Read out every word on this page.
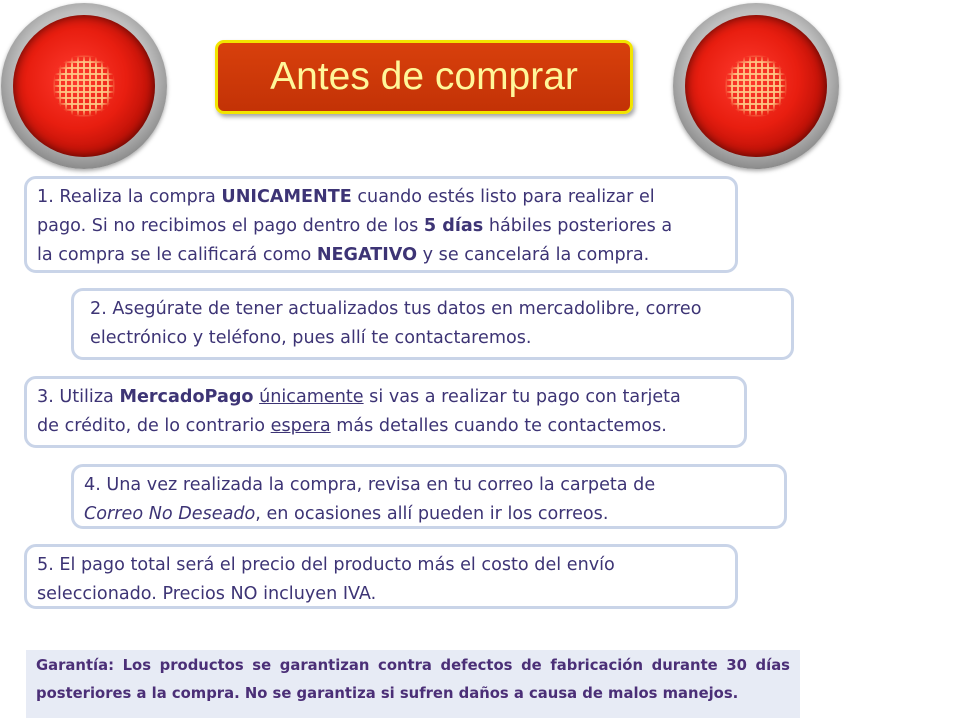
Antes de comprar
1. Realiza la compra UNICAMENTE cuando estés listo para realizar el
pago. Si no recibimos el pago dentro de los 5 días hábiles posteriores a
la compra se le calificará como NEGATIVO y se cancelará la compra.
2. Asegúrate de tener actualizados tus datos en mercadolibre, correo
electrónico y teléfono, pues allí te contactaremos.
3. Utiliza MercadoPago únicamente si vas a realizar tu pago con tarjeta
de crédito, de lo contrario espera más detalles cuando te contactemos.
4. Una vez realizada la compra, revisa en tu correo la carpeta de
Correo No Deseado, en ocasiones allí pueden ir los correos.
5. El pago total será el precio del producto más el costo del envío
seleccionado. Precios NO incluyen IVA.
Garantía: Los productos se garantizan contra defectos de fabricación durante 30 días
posteriores a la compra. No se garantiza si sufren daños a causa de malos manejos.
